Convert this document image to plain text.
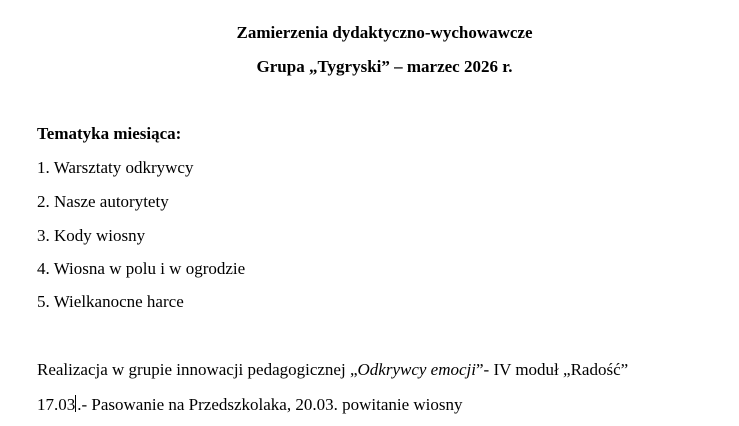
Zamierzenia dydaktyczno-wychowawcze
Grupa „Tygryski” – marzec 2026 r.
Tematyka miesiąca:
1. Warsztaty odkrywcy
2. Nasze autorytety
3. Kody wiosny
4. Wiosna w polu i w ogrodzie
5. Wielkanocne harce
Realizacja w grupie innowacji pedagogicznej „Odkrywcy emocji”- IV moduł „Radość”
17.03 .- Pasowanie na Przedszkolaka, 20.03. powitanie wiosny
